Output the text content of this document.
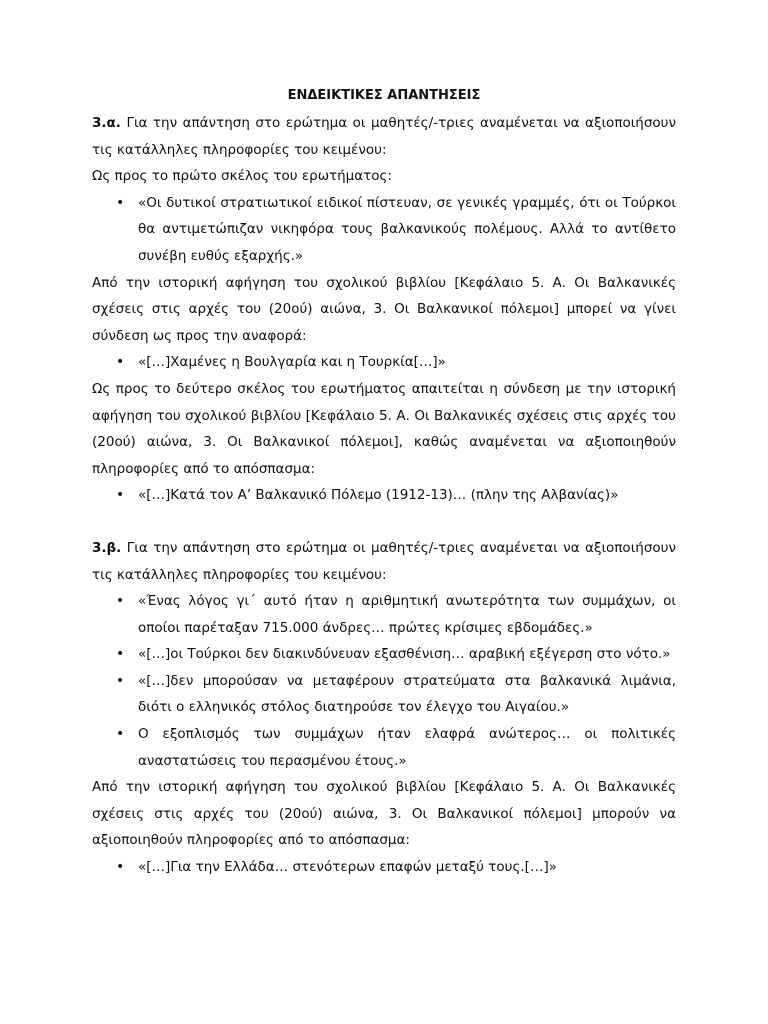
ΕΝΔΕΙΚΤΙΚΕΣ ΑΠΑΝΤΗΣΕΙΣ

3.α. Για την απάντηση στο ερώτημα οι μαθητές/-τριες αναμένεται να αξιοποιήσουν τις κατάλληλες πληροφορίες του κειμένου:

Ως προς το πρώτο σκέλος του ερωτήματος:

• «Οι δυτικοί στρατιωτικοί ειδικοί πίστευαν, σε γενικές γραμμές, ότι οι Τούρκοι θα αντιμετώπιζαν νικηφόρα τους βαλκανικούς πολέμους. Αλλά το αντίθετο συνέβη ευθύς εξαρχής.»

Από την ιστορική αφήγηση του σχολικού βιβλίου [Κεφάλαιο 5. Α. Οι Βαλκανικές σχέσεις στις αρχές του (20ού) αιώνα, 3. Οι Βαλκανικοί πόλεμοι] μπορεί να γίνει σύνδεση ως προς την αναφορά:

• «[…]Χαμένες η Βουλγαρία και η Τουρκία[…]»

Ως προς το δεύτερο σκέλος του ερωτήματος απαιτείται η σύνδεση με την ιστορική αφήγηση του σχολικού βιβλίου [Κεφάλαιο 5. Α. Οι Βαλκανικές σχέσεις στις αρχές του (20ού) αιώνα, 3. Οι Βαλκανικοί πόλεμοι], καθώς αναμένεται να αξιοποιηθούν πληροφορίες από το απόσπασμα:

• «[…]Κατά τον Α’ Βαλκανικό Πόλεμο (1912-13)… (πλην της Αλβανίας)»

3.β. Για την απάντηση στο ερώτημα οι μαθητές/-τριες αναμένεται να αξιοποιήσουν τις κατάλληλες πληροφορίες του κειμένου:

• «Ένας λόγος γι΄ αυτό ήταν η αριθμητική ανωτερότητα των συμμάχων, οι οποίοι παρέταξαν 715.000 άνδρες… πρώτες κρίσιμες εβδομάδες.»
• «[…]οι Τούρκοι δεν διακινδύνευαν εξασθένιση… αραβική εξέγερση στο νότο.»
• «[…]δεν μπορούσαν να μεταφέρουν στρατεύματα στα βαλκανικά λιμάνια, διότι ο ελληνικός στόλος διατηρούσε τον έλεγχο του Αιγαίου.»
• Ο εξοπλισμός των συμμάχων ήταν ελαφρά ανώτερος… οι πολιτικές αναστατώσεις του περασμένου έτους.»

Από την ιστορική αφήγηση του σχολικού βιβλίου [Κεφάλαιο 5. Α. Οι Βαλκανικές σχέσεις στις αρχές του (20ού) αιώνα, 3. Οι Βαλκανικοί πόλεμοι] μπορούν να αξιοποιηθούν πληροφορίες από το απόσπασμα:

• «[…]Για την Ελλάδα… στενότερων επαφών μεταξύ τους.[…]»
